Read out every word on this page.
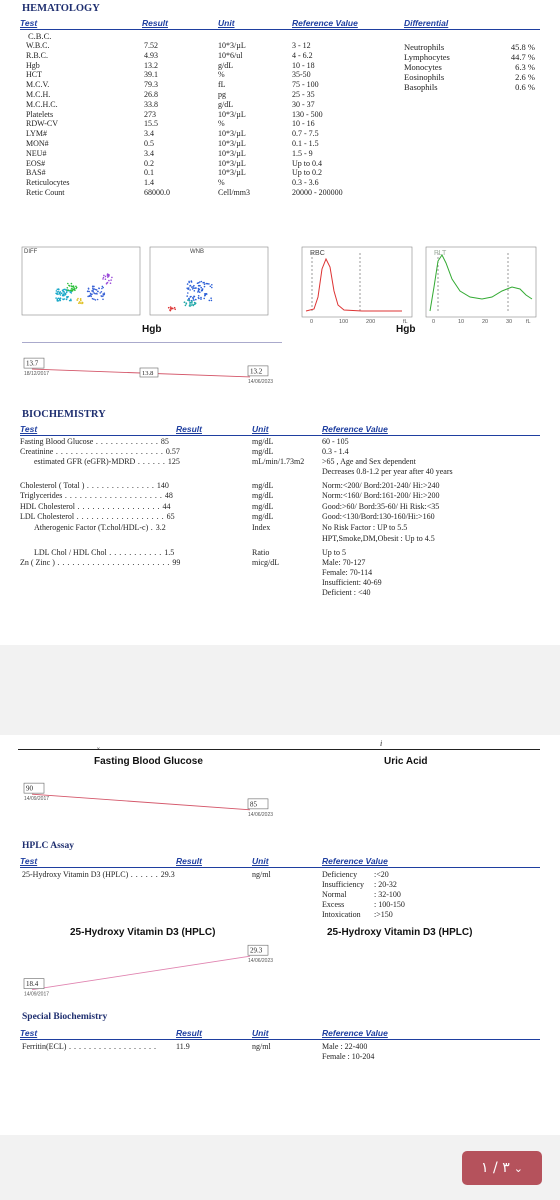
HEMATOLOGY
Test	Result	Unit	Reference Value	Differential
C.B.C.
W.B.C.	7.52	10*3/µL	3 - 12
R.B.C.	4.93	10*6/ul	4 - 6.2
Hgb	13.2	g/dL	10 - 18
HCT	39.1	%	35-50
M.C.V.	79.3	fL	75 - 100
M.C.H.	26.8	pg	25 - 35
M.C.H.C.	33.8	g/dL	30 - 37
Platelets	273	10*3/µL	130 - 500
RDW-CV	15.5	%	10 - 16
LYM#	3.4	10*3/µL	0.7 - 7.5
MON#	0.5	10*3/µL	0.1 - 1.5
NEU#	3.4	10*3/µL	1.5 - 9
EOS#	0.2	10*3/µL	Up to 0.4
BAS#	0.1	10*3/µL	Up to 0.2
Reticulocytes	1.4	%	0.3 - 3.6
Retic Count	68000.0	Cell/mm3	20000 - 200000
Neutrophils	45.8 %
Lymphocytes	44.7 %
Monocytes	6.3 %
Eosinophils	2.6 %
Basophils	0.6 %
DIFF	WNB	RBC
0	100	200	fL
PLT
0	10	20	30	fL
Hgb	Hgb
13.7
18/12/2017	13.2
14/06/2023
13.8
BIOCHEMISTRY
Test	Result	Unit	Reference Value
Fasting Blood Glucose . . . . . . . . . . . . . 85	mg/dL	60 - 105
Creatinine . . . . . . . . . . . . . . . . . . . . . . 0.57	mg/dL	0.3 - 1.4
estimated GFR (eGFR)-MDRD . . . . . . 125	mL/min/1.73m2 >65 , Age and Sex dependent
Decreases 0.8-1.2 per year after 40 years
Cholesterol ( Total ) . . . . . . . . . . . . . . 140	mg/dL	Norm:<200/ Bord:201-240/ Hi:>240
Triglycerides . . . . . . . . . . . . . . . . . . . . 48	mg/dL	Norm:<160/ Bord:161-200/ Hi:>200
HDL Cholesterol . . . . . . . . . . . . . . . . . 44	mg/dL	Good:>60/ Bord:35-60/ Hi Risk:<35
LDL Cholesterol . . . . . . . . . . . . . . . . . . 65	mg/dL	Good:<130/Bord:130-160/Hi:>160
Atherogenic Factor (T.chol/HDL-c) . 3.2	Index	No Risk Factor : UP to 5.5
HPT,Smoke,DM,Obesit : Up to 4.5
LDL Chol / HDL Chol . . . . . . . . . . . 1.5	Ratio	Up to 5
Zn ( Zinc ) . . . . . . . . . . . . . . . . . . . . . . . 99	micg/dL	Male: 70-127
Female: 70-114
Insufficient: 40-69
Deficient : <40
˘
i
Fasting Blood Glucose	Uric Acid
90
14/09/2017
85
14/06/2023
HPLC Assay
Test	Result	Unit	Reference Value
25-Hydroxy Vitamin D3 (HPLC) . . . . . . 29.3	ng/ml	Deficiency :<20
Insufficiency : 20-32
Normal	: 32-100
Excess	: 100-150
Intoxication :>150
25-Hydroxy Vitamin D3 (HPLC)	25-Hydroxy Vitamin D3 (HPLC)
18.4
14/09/2017
29.3
14/06/2023
Special Biochemistry
Test	Result	Unit	Reference Value
Ferritin(ECL) . . . . . . . . . . . . . . . . . . 11.9	ng/ml	Male : 22-400
Female : 10-204
٣ / ١ ⌄
